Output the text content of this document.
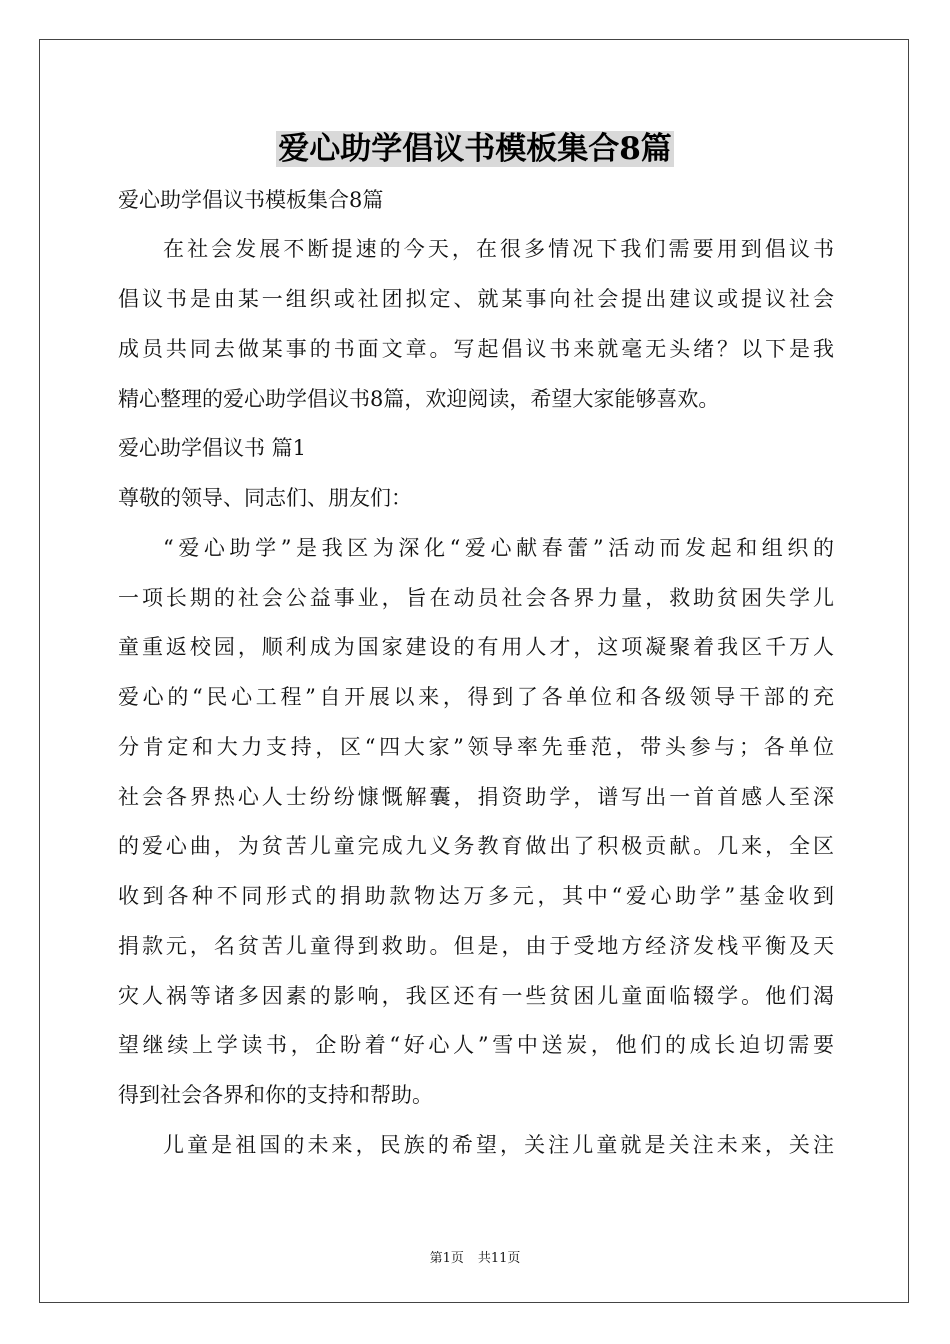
爱心助学倡议书模板集合8篇
爱心助学倡议书模板集合8篇
在社会发展不断提速的今天，在很多情况下我们需要用到倡议书
倡议书是由某一组织或社团拟定、就某事向社会提出建议或提议社会
成员共同去做某事的书面文章。写起倡议书来就毫无头绪？以下是我
精心整理的爱心助学倡议书8篇，欢迎阅读，希望大家能够喜欢。
爱心助学倡议书 篇1
尊敬的领导、同志们、朋友们：
“爱心助学”是我区为深化“爱心献春蕾”活动而发起和组织的
一项长期的社会公益事业，旨在动员社会各界力量，救助贫困失学儿
童重返校园，顺利成为国家建设的有用人才，这项凝聚着我区千万人
爱心的“民心工程”自开展以来，得到了各单位和各级领导干部的充
分肯定和大力支持，区“四大家”领导率先垂范，带头参与；各单位
社会各界热心人士纷纷慷慨解囊，捐资助学，谱写出一首首感人至深
的爱心曲，为贫苦儿童完成九义务教育做出了积极贡献。几来，全区
收到各种不同形式的捐助款物达万多元，其中“爱心助学”基金收到
捐款元，名贫苦儿童得到救助。但是，由于受地方经济发栈平衡及天
灾人祸等诸多因素的影响，我区还有一些贫困儿童面临辍学。他们渴
望继续上学读书，企盼着“好心人”雪中送炭，他们的成长迫切需要
得到社会各界和你的支持和帮助。
儿童是祖国的未来，民族的希望，关注儿童就是关注未来，关注
第1页 共11页
